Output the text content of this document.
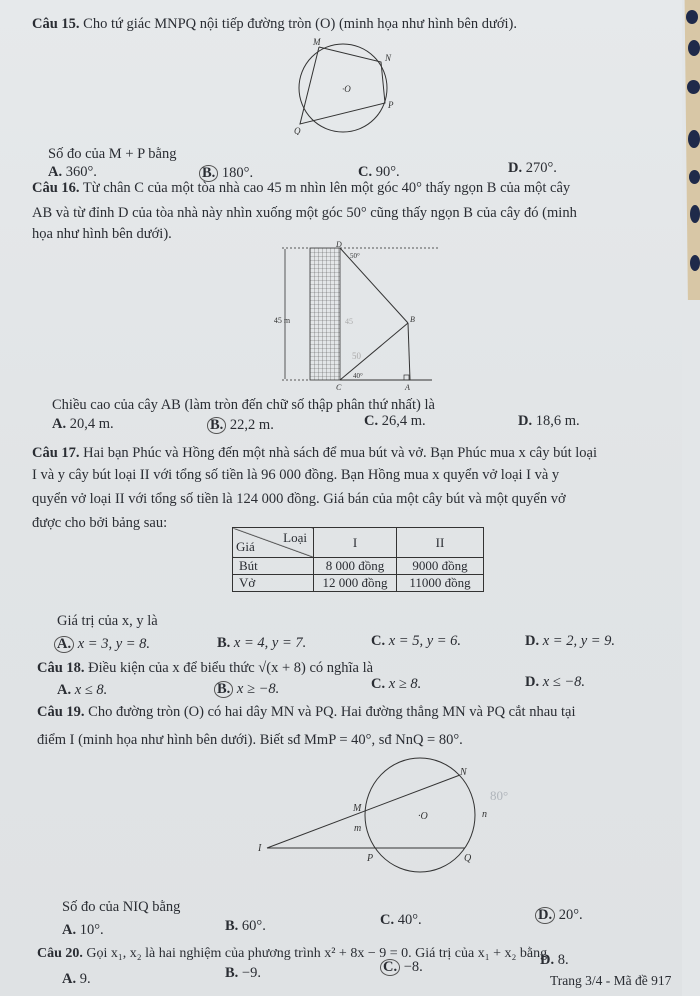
Câu 15. Cho tứ giác MNPQ nội tiếp đường tròn (O) (minh họa như hình bên dưới).
M
N
P
Q
·O
Số đo của M + P bằng
A. 360°.	B. 180°.	C. 90°.	D. 270°.
Câu 16. Từ chân C của một tòa nhà cao 45 m nhìn lên một góc 40° thấy ngọn B của một cây
AB và từ đỉnh D của tòa nhà này nhìn xuống một góc 50° cũng thấy ngọn B của cây đó (minh
họa như hình bên dưới).
D
50°
B
C	A
40°
45 m
50
45
Chiều cao của cây AB (làm tròn đến chữ số thập phân thứ nhất) là
A. 20,4 m.	B. 22,2 m.	C. 26,4 m.	D. 18,6 m.
Câu 17. Hai bạn Phúc và Hồng đến một nhà sách để mua bút và vở. Bạn Phúc mua x cây bút loại
I và y cây bút loại II với tổng số tiền là 96 000 đồng. Bạn Hồng mua x quyển vở loại I và y
quyển vở loại II với tổng số tiền là 124 000 đồng. Giá bán của một cây bút và một quyển vở
được cho bởi bảng sau:
Loại
Giá	I	II
Bút	8 000 đồng	9000 đồng
Vở	12 000 đồng	11000 đồng
Giá trị của x, y là
A. x = 3, y = 8.	B. x = 4, y = 7.	C. x = 5, y = 6.	D. x = 2, y = 9.
Câu 18. Điều kiện của x để biểu thức √(x + 8) có nghĩa là
A. x ≤ 8.	B. x ≥ −8.	C. x ≥ 8.	D. x ≤ −8.
Câu 19. Cho đường tròn (O) có hai dây MN và PQ. Hai đường thẳng MN và PQ cắt nhau tại
điểm I (minh họa như hình bên dưới). Biết sđ MmP = 40°, sđ NnQ = 80°.
N
M
·O	n
m
I
P	Q
80°
Số đo của NIQ bằng
A. 10°.	B. 60°.	C. 40°.	D. 20°.
Câu 20. Gọi x₁, x₂ là hai nghiệm của phương trình x² + 8x − 9 = 0. Giá trị của x₁ + x₂ bằng
A. 9.	B. −9.	C. −8.	D. 8.
Trang 3/4 - Mã đề 917
